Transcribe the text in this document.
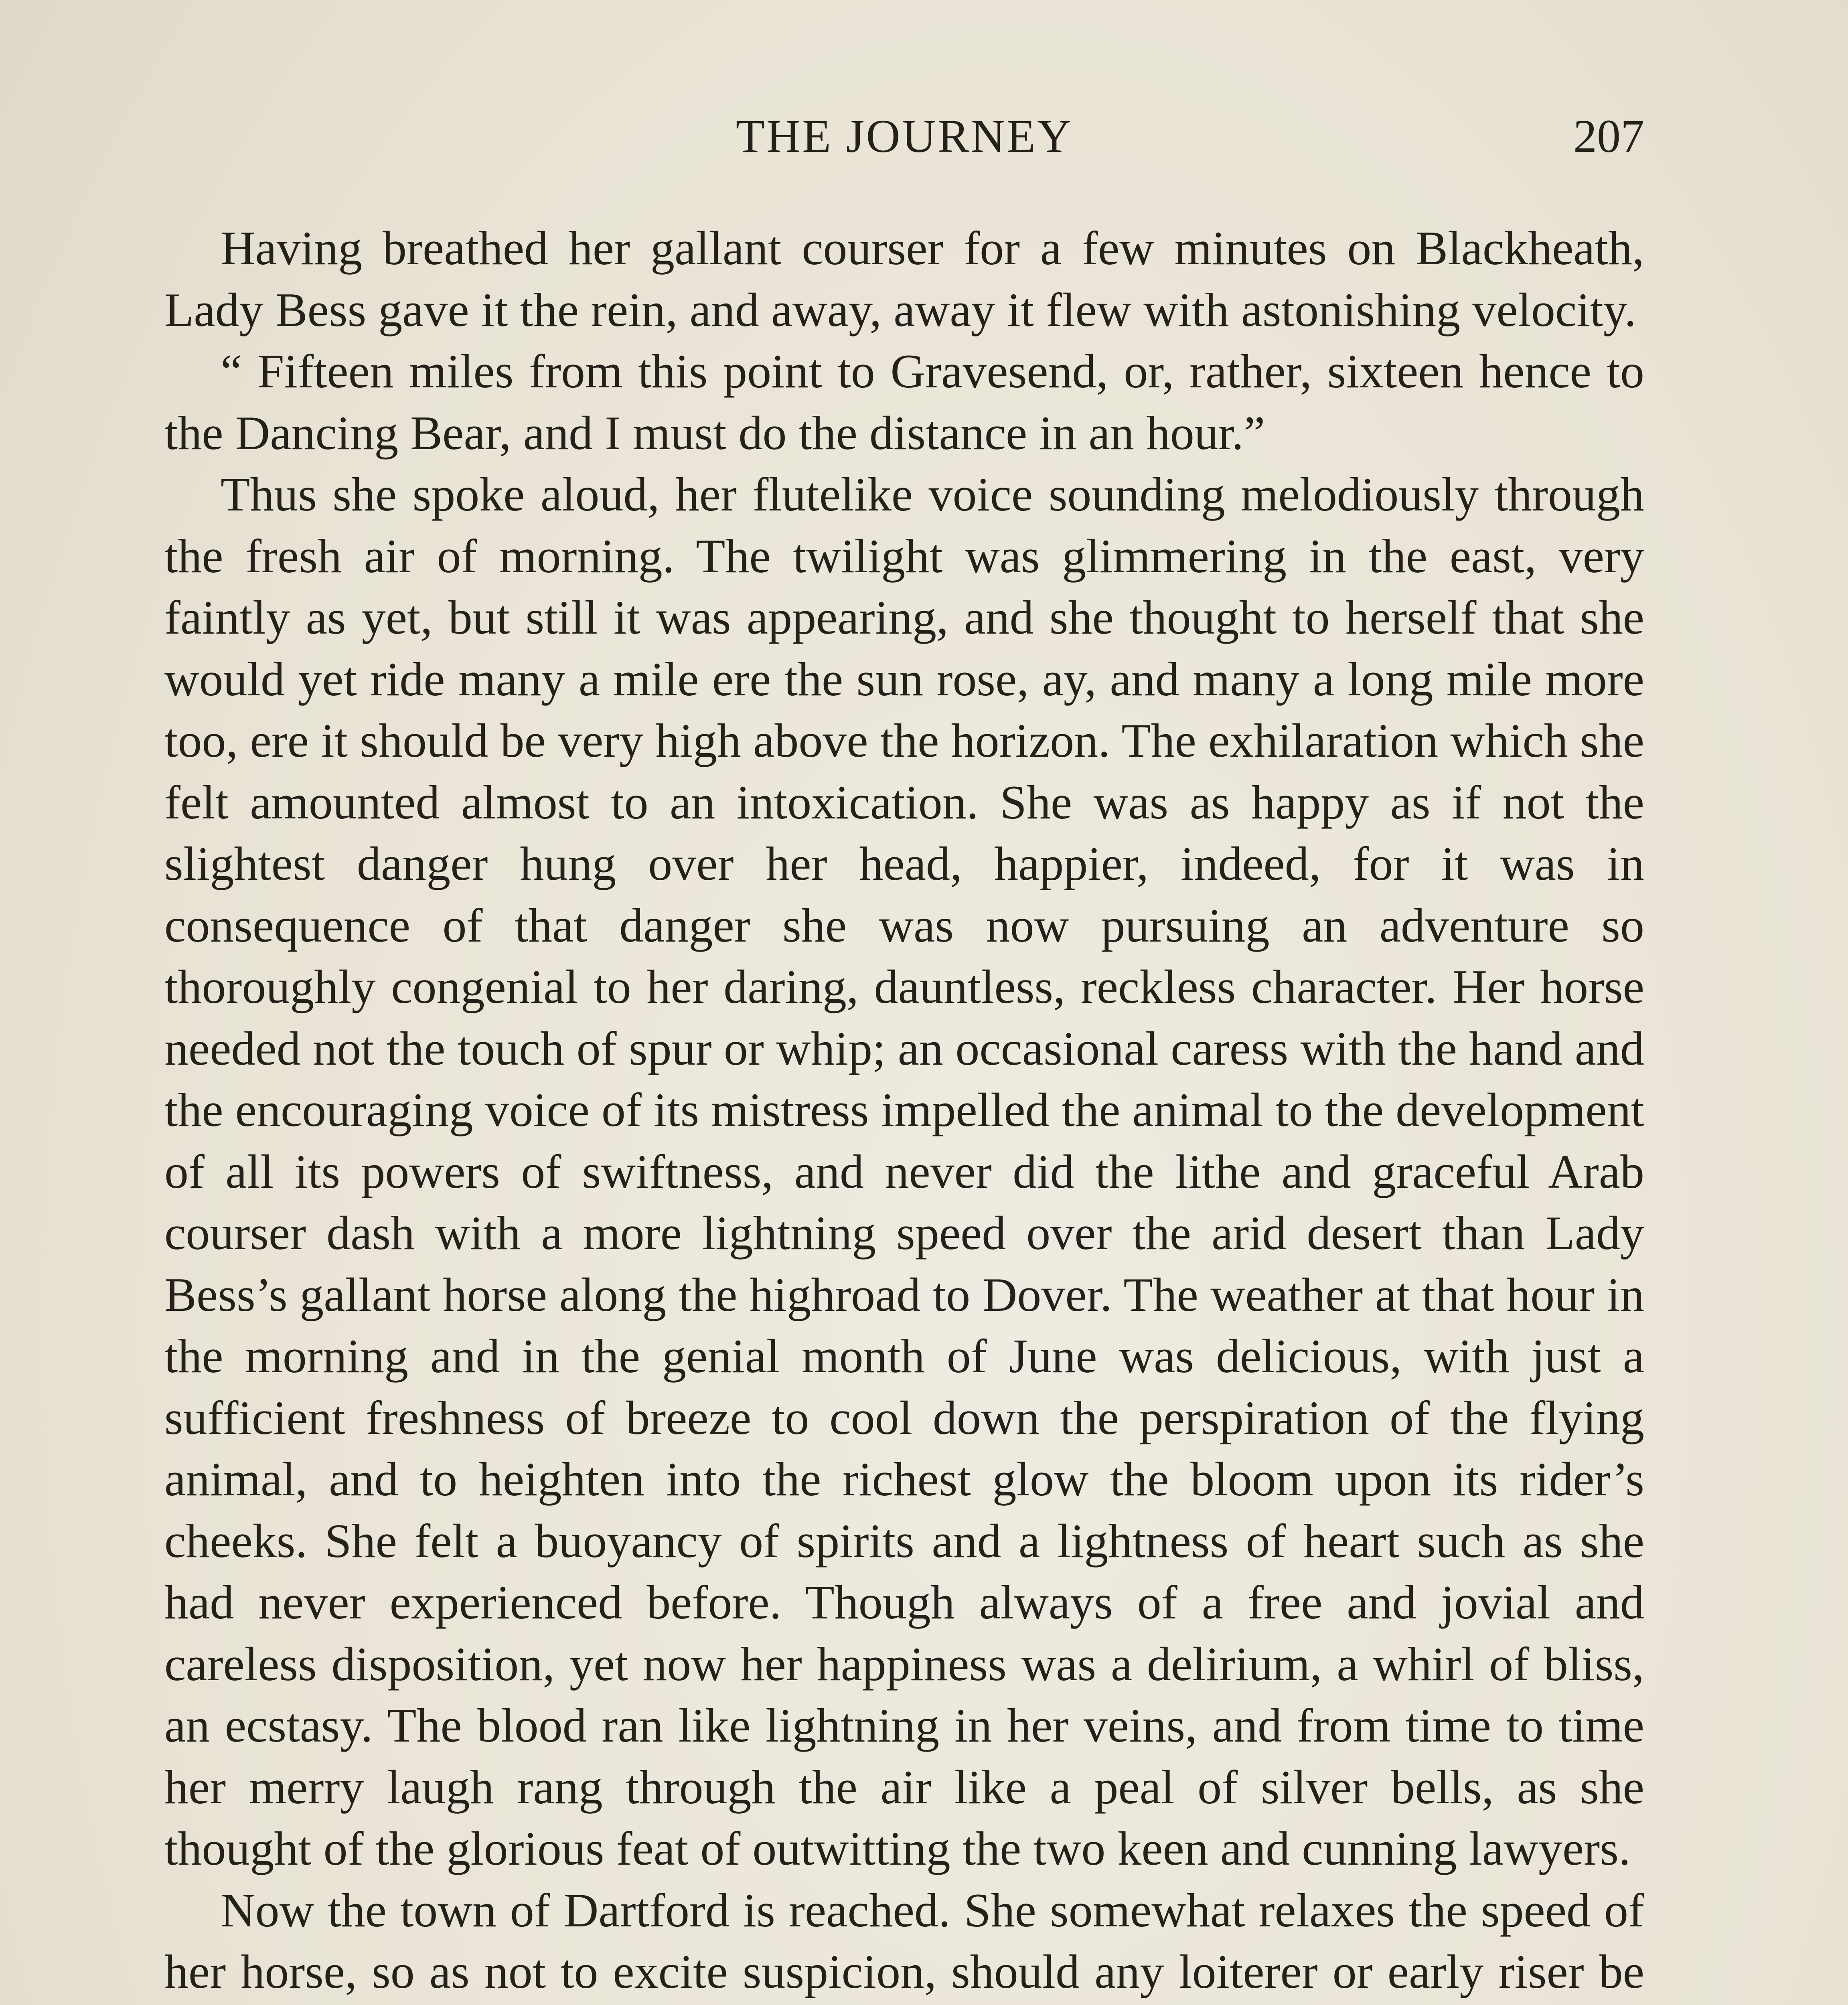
THE JOURNEY	207

Having breathed her gallant courser for a few minutes on Blackheath, Lady Bess gave it the rein, and away, away it flew with astonishing velocity.

“ Fifteen miles from this point to Gravesend, or, rather, sixteen hence to the Dancing Bear, and I must do the distance in an hour.”

Thus she spoke aloud, her flutelike voice sounding melodiously through the fresh air of morning. The twilight was glimmering in the east, very faintly as yet, but still it was appearing, and she thought to herself that she would yet ride many a mile ere the sun rose, ay, and many a long mile more too, ere it should be very high above the horizon. The exhilaration which she felt amounted almost to an intoxication. She was as happy as if not the slightest danger hung over her head, happier, indeed, for it was in consequence of that danger she was now pursuing an adventure so thoroughly congenial to her daring, dauntless, reckless character. Her horse needed not the touch of spur or whip; an occasional caress with the hand and the encouraging voice of its mistress impelled the animal to the development of all its powers of swiftness, and never did the lithe and graceful Arab courser dash with a more lightning speed over the arid desert than Lady Bess’s gallant horse along the highroad to Dover. The weather at that hour in the morning and in the genial month of June was delicious, with just a sufficient freshness of breeze to cool down the perspiration of the flying animal, and to heighten into the richest glow the bloom upon its rider’s cheeks. She felt a buoyancy of spirits and a lightness of heart such as she had never experienced before. Though always of a free and jovial and careless disposition, yet now her happiness was a delirium, a whirl of bliss, an ecstasy. The blood ran like lightning in her veins, and from time to time her merry laugh rang through the air like a peal of silver bells, as she thought of the glorious feat of outwitting the two keen and cunning lawyers.

Now the town of Dartford is reached. She somewhat relaxes the speed of her horse, so as not to excite suspicion, should any loiterer or early riser be
